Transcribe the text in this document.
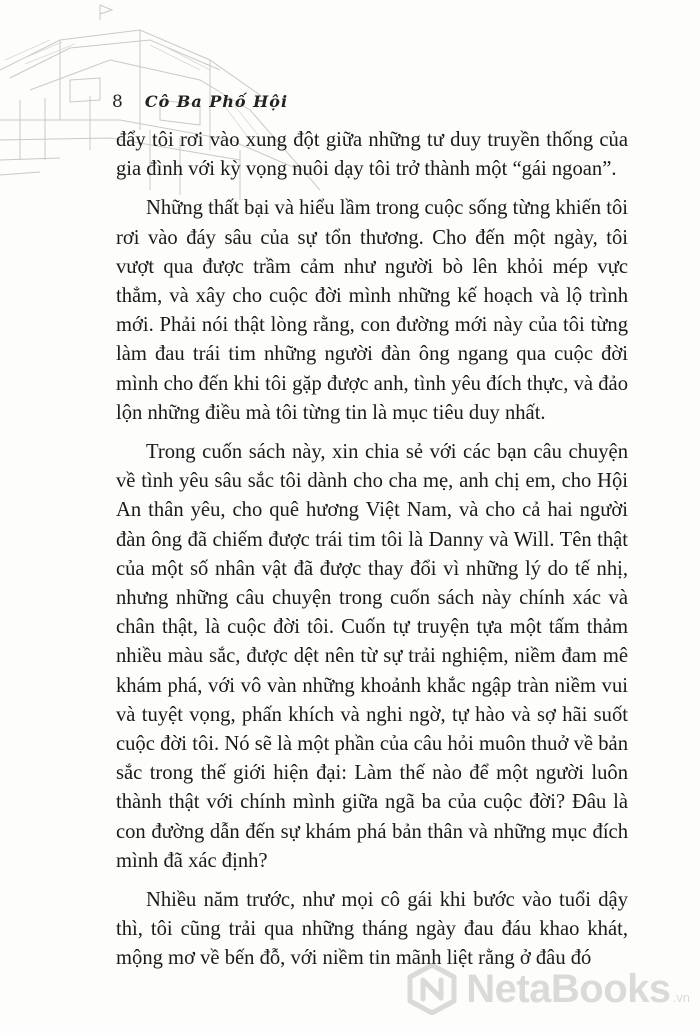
8 Cô Ba Phố Hội

đẩy tôi rơi vào xung đột giữa những tư duy truyền thống của gia đình với kỳ vọng nuôi dạy tôi trở thành một “gái ngoan”.

Những thất bại và hiểu lầm trong cuộc sống từng khiến tôi rơi vào đáy sâu của sự tổn thương. Cho đến một ngày, tôi vượt qua được trầm cảm như người bò lên khỏi mép vực thẳm, và xây cho cuộc đời mình những kế hoạch và lộ trình mới. Phải nói thật lòng rằng, con đường mới này của tôi từng làm đau trái tim những người đàn ông ngang qua cuộc đời mình cho đến khi tôi gặp được anh, tình yêu đích thực, và đảo lộn những điều mà tôi từng tin là mục tiêu duy nhất.

Trong cuốn sách này, xin chia sẻ với các bạn câu chuyện về tình yêu sâu sắc tôi dành cho cha mẹ, anh chị em, cho Hội An thân yêu, cho quê hương Việt Nam, và cho cả hai người đàn ông đã chiếm được trái tim tôi là Danny và Will. Tên thật của một số nhân vật đã được thay đổi vì những lý do tế nhị, nhưng những câu chuyện trong cuốn sách này chính xác và chân thật, là cuộc đời tôi. Cuốn tự truyện tựa một tấm thảm nhiều màu sắc, được dệt nên từ sự trải nghiệm, niềm đam mê khám phá, với vô vàn những khoảnh khắc ngập tràn niềm vui và tuyệt vọng, phấn khích và nghi ngờ, tự hào và sợ hãi suốt cuộc đời tôi. Nó sẽ là một phần của câu hỏi muôn thuở về bản sắc trong thế giới hiện đại: Làm thế nào để một người luôn thành thật với chính mình giữa ngã ba của cuộc đời? Đâu là con đường dẫn đến sự khám phá bản thân và những mục đích mình đã xác định?

Nhiều năm trước, như mọi cô gái khi bước vào tuổi dậy thì, tôi cũng trải qua những tháng ngày đau đáu khao khát, mộng mơ về bến đỗ, với niềm tin mãnh liệt rằng ở đâu đó

NetaBooks .vn
